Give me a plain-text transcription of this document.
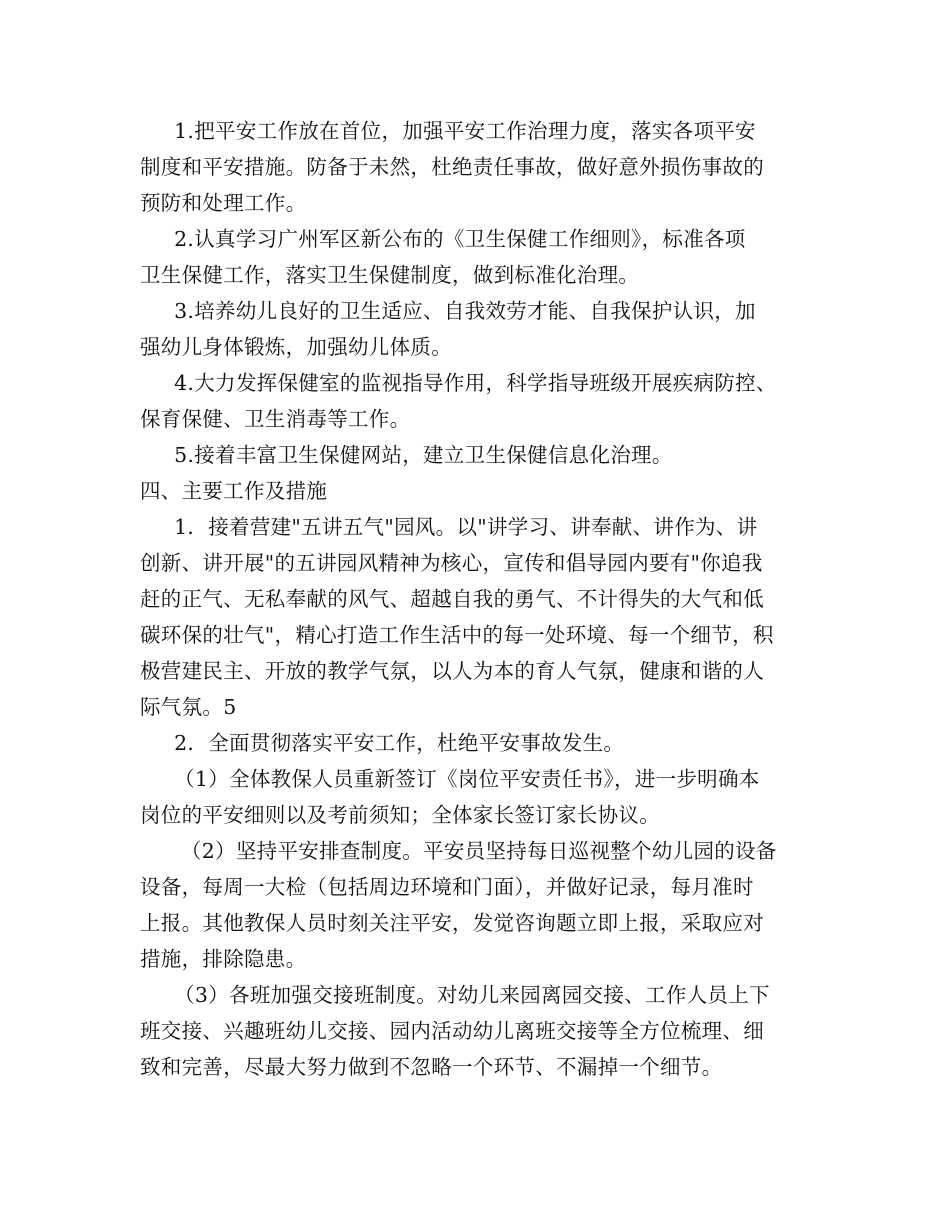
1.把平安工作放在首位，加强平安工作治理力度，落实各项平安
制度和平安措施。防备于未然，杜绝责任事故，做好意外损伤事故的
预防和处理工作。
2.认真学习广州军区新公布的《卫生保健工作细则》，标准各项
卫生保健工作，落实卫生保健制度，做到标准化治理。
3.培养幼儿良好的卫生适应、自我效劳才能、自我保护认识，加
强幼儿身体锻炼，加强幼儿体质。
4.大力发挥保健室的监视指导作用，科学指导班级开展疾病防控、
保育保健、卫生消毒等工作。
5.接着丰富卫生保健网站，建立卫生保健信息化治理。
四、主要工作及措施
1．接着营建"五讲五气"园风。以"讲学习、讲奉献、讲作为、讲
创新、讲开展"的五讲园风精神为核心，宣传和倡导园内要有"你追我
赶的正气、无私奉献的风气、超越自我的勇气、不计得失的大气和低
碳环保的壮气"，精心打造工作生活中的每一处环境、每一个细节，积
极营建民主、开放的教学气氛，以人为本的育人气氛，健康和谐的人
际气氛。5
2．全面贯彻落实平安工作，杜绝平安事故发生。
（1）全体教保人员重新签订《岗位平安责任书》，进一步明确本
岗位的平安细则以及考前须知；全体家长签订家长协议。
（2）坚持平安排查制度。平安员坚持每日巡视整个幼儿园的设备
设备，每周一大检（包括周边环境和门面），并做好记录，每月准时
上报。其他教保人员时刻关注平安，发觉咨询题立即上报，采取应对
措施，排除隐患。
（3）各班加强交接班制度。对幼儿来园离园交接、工作人员上下
班交接、兴趣班幼儿交接、园内活动幼儿离班交接等全方位梳理、细
致和完善，尽最大努力做到不忽略一个环节、不漏掉一个细节。
